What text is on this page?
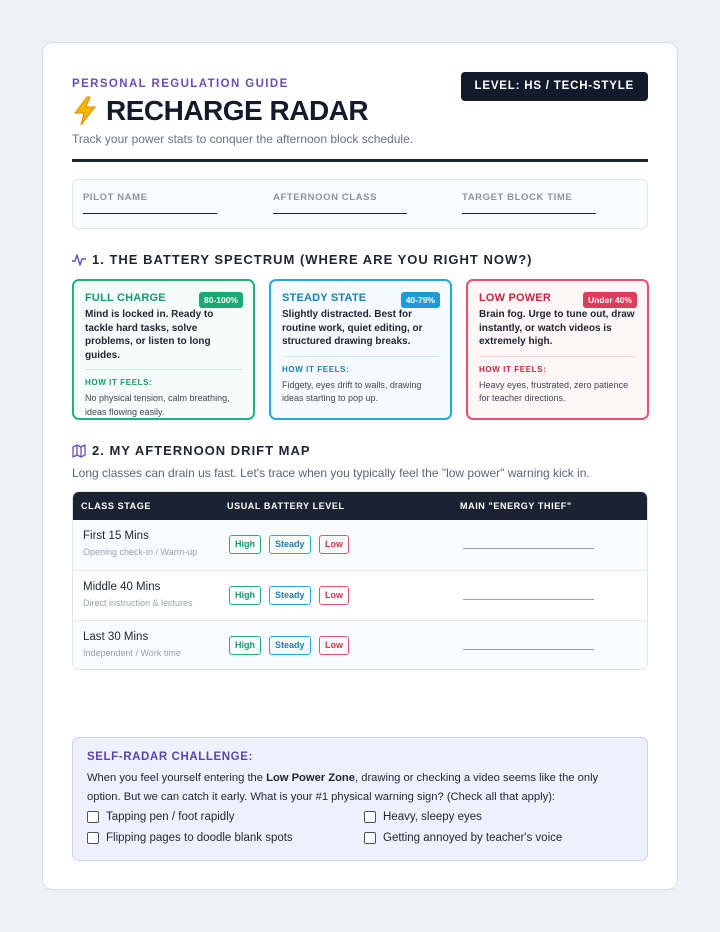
PERSONAL REGULATION GUIDE	LEVEL: HS / TECH-STYLE
RECHARGE RADAR
Track your power stats to conquer the afternoon block schedule.
PILOT NAME	AFTERNOON CLASS	TARGET BLOCK TIME
1. THE BATTERY SPECTRUM (WHERE ARE YOU RIGHT NOW?)
FULL CHARGE	80-100%
Mind is locked in. Ready to tackle hard tasks, solve problems, or listen to long guides.
HOW IT FEELS:
No physical tension, calm breathing, ideas flowing easily.
STEADY STATE	40-79%
Slightly distracted. Best for routine work, quiet editing, or structured drawing breaks.
HOW IT FEELS:
Fidgety, eyes drift to walls, drawing ideas starting to pop up.
LOW POWER	Under 40%
Brain fog. Urge to tune out, draw instantly, or watch videos is extremely high.
HOW IT FEELS:
Heavy eyes, frustrated, zero patience for teacher directions.
2. MY AFTERNOON DRIFT MAP
Long classes can drain us fast. Let's trace when you typically feel the "low power" warning kick in.
CLASS STAGE	USUAL BATTERY LEVEL	MAIN "ENERGY THIEF"
First 15 Mins
Opening check-in / Warm-up
High	Steady	Low
Middle 40 Mins
Direct instruction & lectures
High	Steady	Low
Last 30 Mins
Independent / Work time
High	Steady	Low
SELF-RADAR CHALLENGE:
When you feel yourself entering the Low Power Zone, drawing or checking a video seems like the only option. But we can catch it early. What is your #1 physical warning sign? (Check all that apply):
Tapping pen / foot rapidly	Heavy, sleepy eyes
Flipping pages to doodle blank spots	Getting annoyed by teacher's voice
